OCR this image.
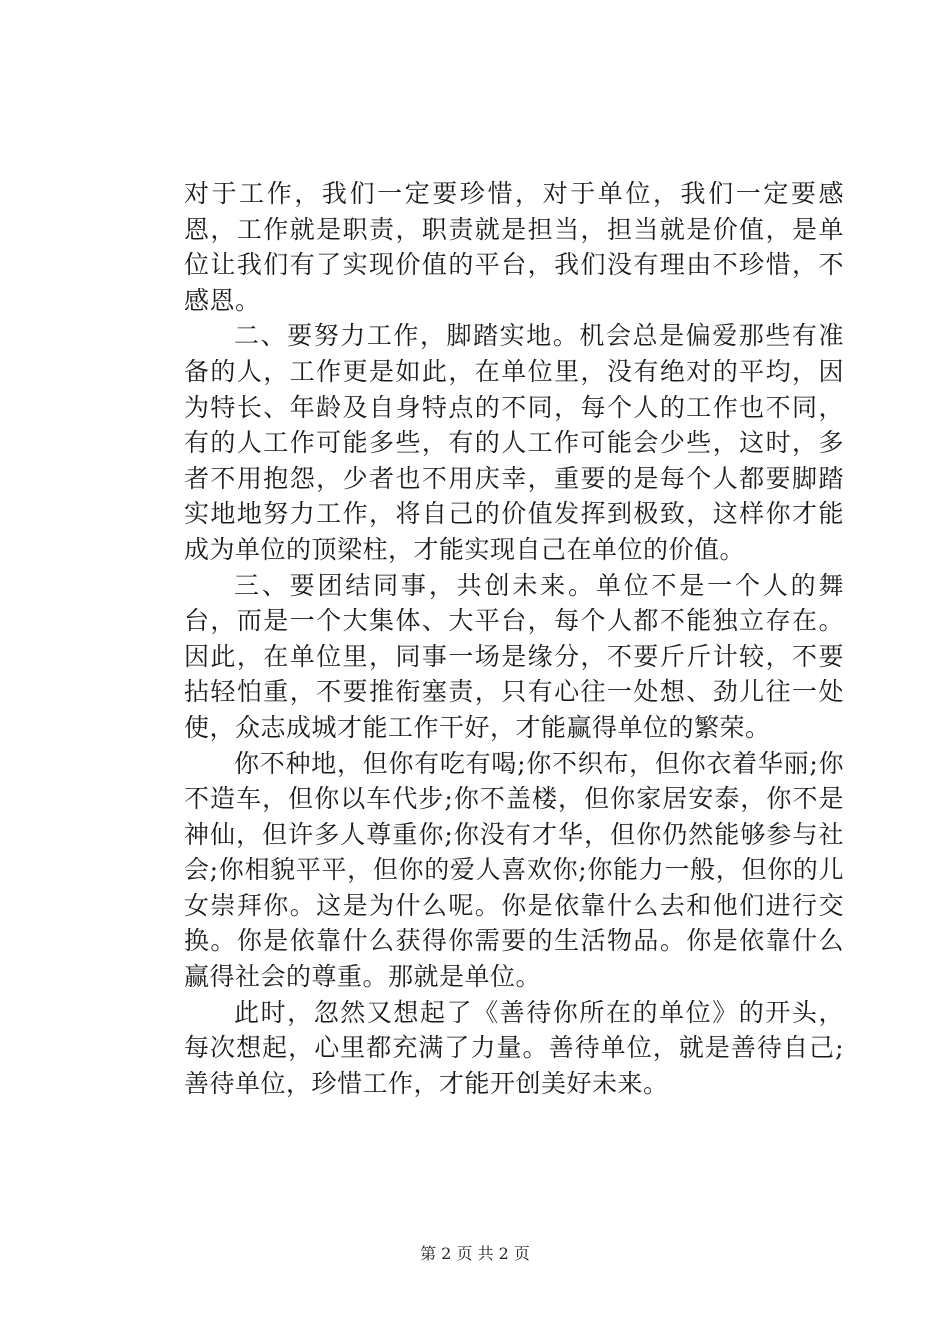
对于工作，我们一定要珍惜，对于单位，我们一定要感恩，工作就是职责，职责就是担当，担当就是价值，是单位让我们有了实现价值的平台，我们没有理由不珍惜，不感恩。

二、要努力工作，脚踏实地。机会总是偏爱那些有准备的人，工作更是如此，在单位里，没有绝对的平均，因为特长、年龄及自身特点的不同，每个人的工作也不同，有的人工作可能多些，有的人工作可能会少些，这时，多者不用抱怨，少者也不用庆幸，重要的是每个人都要脚踏实地地努力工作，将自己的价值发挥到极致，这样你才能成为单位的顶梁柱，才能实现自己在单位的价值。

三、要团结同事，共创未来。单位不是一个人的舞台，而是一个大集体、大平台，每个人都不能独立存在。因此，在单位里，同事一场是缘分，不要斤斤计较，不要拈轻怕重，不要推衔塞责，只有心往一处想、劲儿往一处使，众志成城才能工作干好，才能赢得单位的繁荣。

你不种地，但你有吃有喝;你不织布，但你衣着华丽;你不造车，但你以车代步;你不盖楼，但你家居安泰，你不是神仙，但许多人尊重你;你没有才华，但你仍然能够参与社会;你相貌平平，但你的爱人喜欢你;你能力一般，但你的儿女崇拜你。这是为什么呢。你是依靠什么去和他们进行交换。你是依靠什么获得你需要的生活物品。你是依靠什么赢得社会的尊重。那就是单位。

此时，忽然又想起了《善待你所在的单位》的开头，每次想起，心里都充满了力量。善待单位，就是善待自己;善待单位，珍惜工作，才能开创美好未来。

第 2 页 共 2 页
